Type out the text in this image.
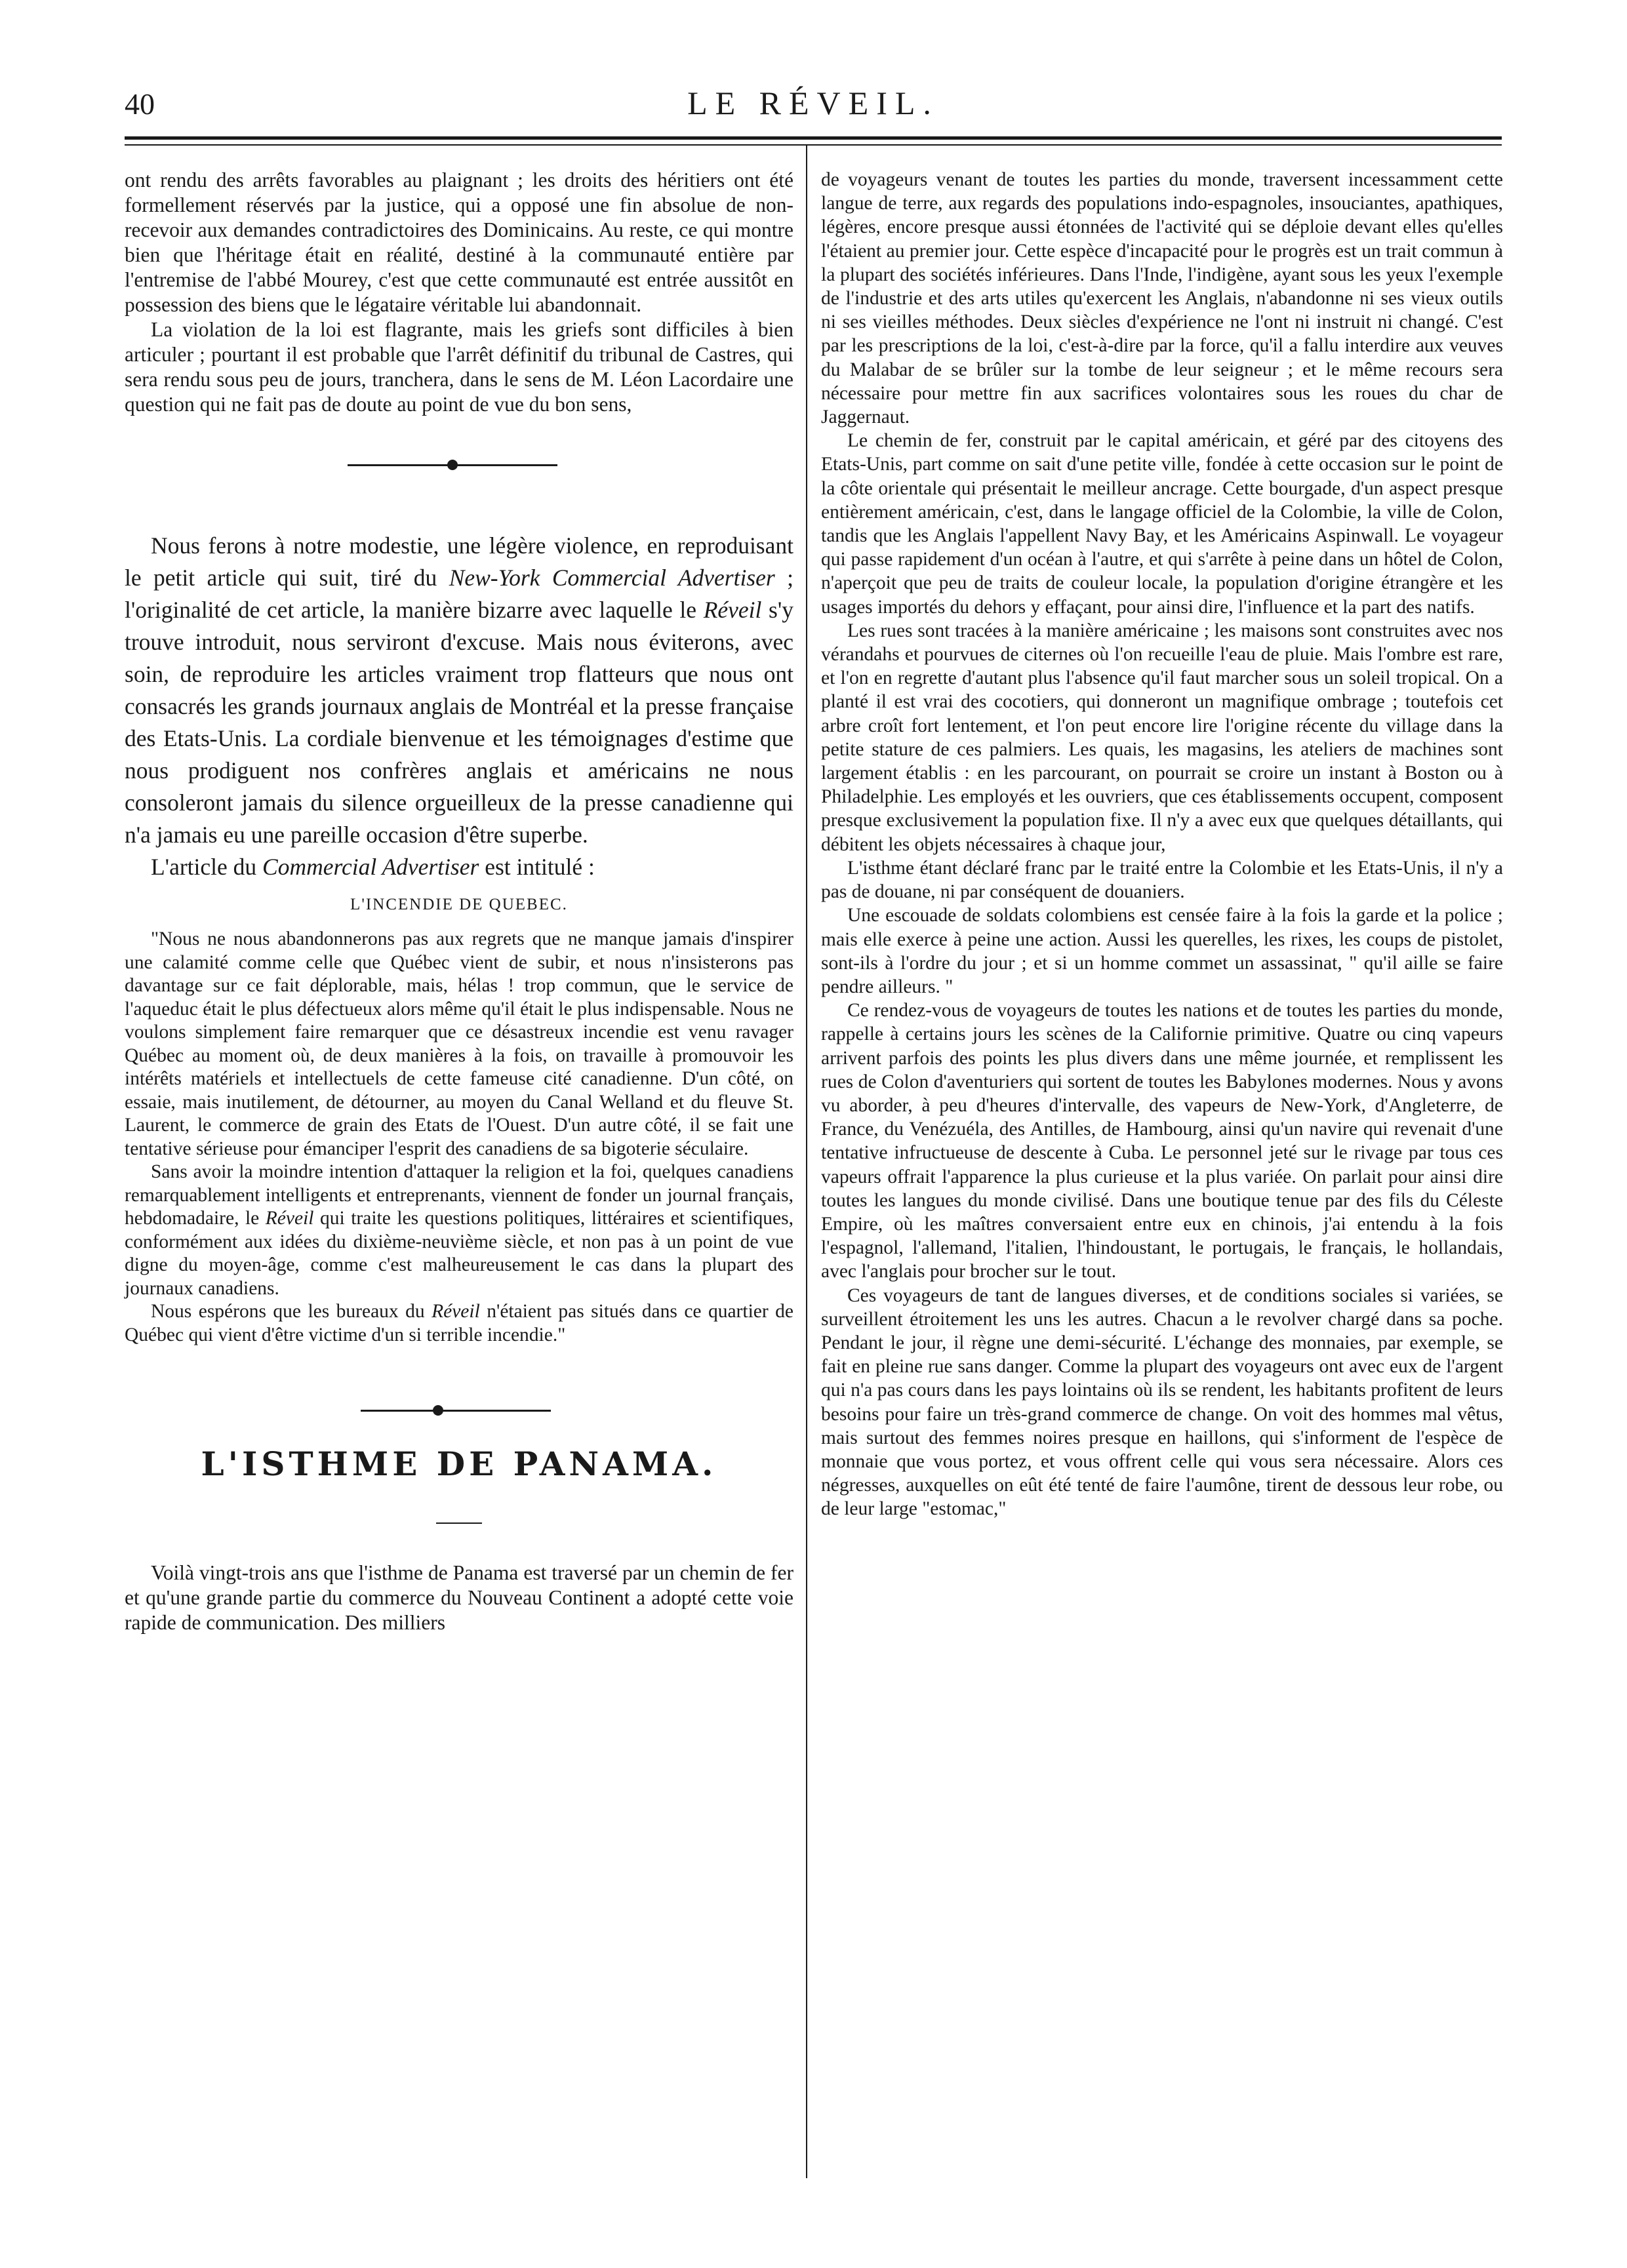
40	LE RÉVEIL.

ont rendu des arrêts favorables au plaignant ; les droits des héritiers ont été formellement réservés par la justice, qui a opposé une fin absolue de non-recevoir aux demandes contradictoires des Dominicains. Au reste, ce qui montre bien que l'héritage était en réalité, destiné à la communauté entière par l'entremise de l'abbé Mourey, c'est que cette communauté est entrée aussitôt en possession des biens que le légataire véritable lui abandonnait.

La violation de la loi est flagrante, mais les griefs sont difficiles à bien articuler ; pourtant il est probable que l'arrêt définitif du tribunal de Castres, qui sera rendu sous peu de jours, tranchera, dans le sens de M. Léon Lacordaire une question qui ne fait pas de doute au point de vue du bon sens,

Nous ferons à notre modestie, une légère violence, en reproduisant le petit article qui suit, tiré du New-York Commercial Advertiser ; l'originalité de cet article, la manière bizarre avec laquelle le Réveil s'y trouve introduit, nous serviront d'excuse. Mais nous éviterons, avec soin, de reproduire les articles vraiment trop flatteurs que nous ont consacrés les grands journaux anglais de Montréal et la presse française des Etats-Unis. La cordiale bienvenue et les témoignages d'estime que nous prodiguent nos confrères anglais et américains ne nous consoleront jamais du silence orgueilleux de la presse canadienne qui n'a jamais eu une pareille occasion d'être superbe.

L'article du Commercial Advertiser est intitulé :

L'INCENDIE DE QUEBEC.

"Nous ne nous abandonnerons pas aux regrets que ne manque jamais d'inspirer une calamité comme celle que Québec vient de subir, et nous n'insisterons pas davantage sur ce fait déplorable, mais, hélas ! trop commun, que le service de l'aqueduc était le plus défectueux alors même qu'il était le plus indispensable. Nous ne voulons simplement faire remarquer que ce désastreux incendie est venu ravager Québec au moment où, de deux manières à la fois, on travaille à promouvoir les intérêts matériels et intellectuels de cette fameuse cité canadienne. D'un côté, on essaie, mais inutilement, de détourner, au moyen du Canal Welland et du fleuve St. Laurent, le commerce de grain des Etats de l'Ouest. D'un autre côté, il se fait une tentative sérieuse pour émanciper l'esprit des canadiens de sa bigoterie séculaire.

Sans avoir la moindre intention d'attaquer la religion et la foi, quelques canadiens remarquablement intelligents et entreprenants, viennent de fonder un journal français, hebdomadaire, le Réveil qui traite les questions politiques, littéraires et scientifiques, conformément aux idées du dixième-neuvième siècle, et non pas à un point de vue digne du moyen-âge, comme c'est malheureusement le cas dans la plupart des journaux canadiens.

Nous espérons que les bureaux du Réveil n'étaient pas situés dans ce quartier de Québec qui vient d'être victime d'un si terrible incendie."

L'ISTHME DE PANAMA.

Voilà vingt-trois ans que l'isthme de Panama est traversé par un chemin de fer et qu'une grande partie du commerce du Nouveau Continent a adopté cette voie rapide de communication. Des milliers

de voyageurs venant de toutes les parties du monde, traversent incessamment cette langue de terre, aux regards des populations indo-espagnoles, insouciantes, apathiques, légères, encore presque aussi étonnées de l'activité qui se déploie devant elles qu'elles l'étaient au premier jour. Cette espèce d'incapacité pour le progrès est un trait commun à la plupart des sociétés inférieures. Dans l'Inde, l'indigène, ayant sous les yeux l'exemple de l'industrie et des arts utiles qu'exercent les Anglais, n'abandonne ni ses vieux outils ni ses vieilles méthodes. Deux siècles d'expérience ne l'ont ni instruit ni changé. C'est par les prescriptions de la loi, c'est-à-dire par la force, qu'il a fallu interdire aux veuves du Malabar de se brûler sur la tombe de leur seigneur ; et le même recours sera nécessaire pour mettre fin aux sacrifices volontaires sous les roues du char de Jaggernaut.

Le chemin de fer, construit par le capital américain, et géré par des citoyens des Etats-Unis, part comme on sait d'une petite ville, fondée à cette occasion sur le point de la côte orientale qui présentait le meilleur ancrage. Cette bourgade, d'un aspect presque entièrement américain, c'est, dans le langage officiel de la Colombie, la ville de Colon, tandis que les Anglais l'appellent Navy Bay, et les Américains Aspinwall. Le voyageur qui passe rapidement d'un océan à l'autre, et qui s'arrête à peine dans un hôtel de Colon, n'aperçoit que peu de traits de couleur locale, la population d'origine étrangère et les usages importés du dehors y effaçant, pour ainsi dire, l'influence et la part des natifs.

Les rues sont tracées à la manière américaine ; les maisons sont construites avec nos vérandahs et pourvues de citernes où l'on recueille l'eau de pluie. Mais l'ombre est rare, et l'on en regrette d'autant plus l'absence qu'il faut marcher sous un soleil tropical. On a planté il est vrai des cocotiers, qui donneront un magnifique ombrage ; toutefois cet arbre croît fort lentement, et l'on peut encore lire l'origine récente du village dans la petite stature de ces palmiers. Les quais, les magasins, les ateliers de machines sont largement établis : en les parcourant, on pourrait se croire un instant à Boston ou à Philadelphie. Les employés et les ouvriers, que ces établissements occupent, composent presque exclusivement la population fixe. Il n'y a avec eux que quelques détaillants, qui débitent les objets nécessaires à chaque jour,

L'isthme étant déclaré franc par le traité entre la Colombie et les Etats-Unis, il n'y a pas de douane, ni par conséquent de douaniers.

Une escouade de soldats colombiens est censée faire à la fois la garde et la police ; mais elle exerce à peine une action. Aussi les querelles, les rixes, les coups de pistolet, sont-ils à l'ordre du jour ; et si un homme commet un assassinat, " qu'il aille se faire pendre ailleurs. "

Ce rendez-vous de voyageurs de toutes les nations et de toutes les parties du monde, rappelle à certains jours les scènes de la Californie primitive. Quatre ou cinq vapeurs arrivent parfois des points les plus divers dans une même journée, et remplissent les rues de Colon d'aventuriers qui sortent de toutes les Babylones modernes. Nous y avons vu aborder, à peu d'heures d'intervalle, des vapeurs de New-York, d'Angleterre, de France, du Venézuéla, des Antilles, de Hambourg, ainsi qu'un navire qui revenait d'une tentative infructueuse de descente à Cuba. Le personnel jeté sur le rivage par tous ces vapeurs offrait l'apparence la plus curieuse et la plus variée. On parlait pour ainsi dire toutes les langues du monde civilisé. Dans une boutique tenue par des fils du Céleste Empire, où les maîtres conversaient entre eux en chinois, j'ai entendu à la fois l'espagnol, l'allemand, l'italien, l'hindoustant, le portugais, le français, le hollandais, avec l'anglais pour brocher sur le tout.

Ces voyageurs de tant de langues diverses, et de conditions sociales si variées, se surveillent étroitement les uns les autres. Chacun a le revolver chargé dans sa poche. Pendant le jour, il règne une demi-sécurité. L'échange des monnaies, par exemple, se fait en pleine rue sans danger. Comme la plupart des voyageurs ont avec eux de l'argent qui n'a pas cours dans les pays lointains où ils se rendent, les habitants profitent de leurs besoins pour faire un très-grand commerce de change. On voit des hommes mal vêtus, mais surtout des femmes noires presque en haillons, qui s'informent de l'espèce de monnaie que vous portez, et vous offrent celle qui vous sera nécessaire. Alors ces négresses, auxquelles on eût été tenté de faire l'aumône, tirent de dessous leur robe, ou de leur large "estomac,"
